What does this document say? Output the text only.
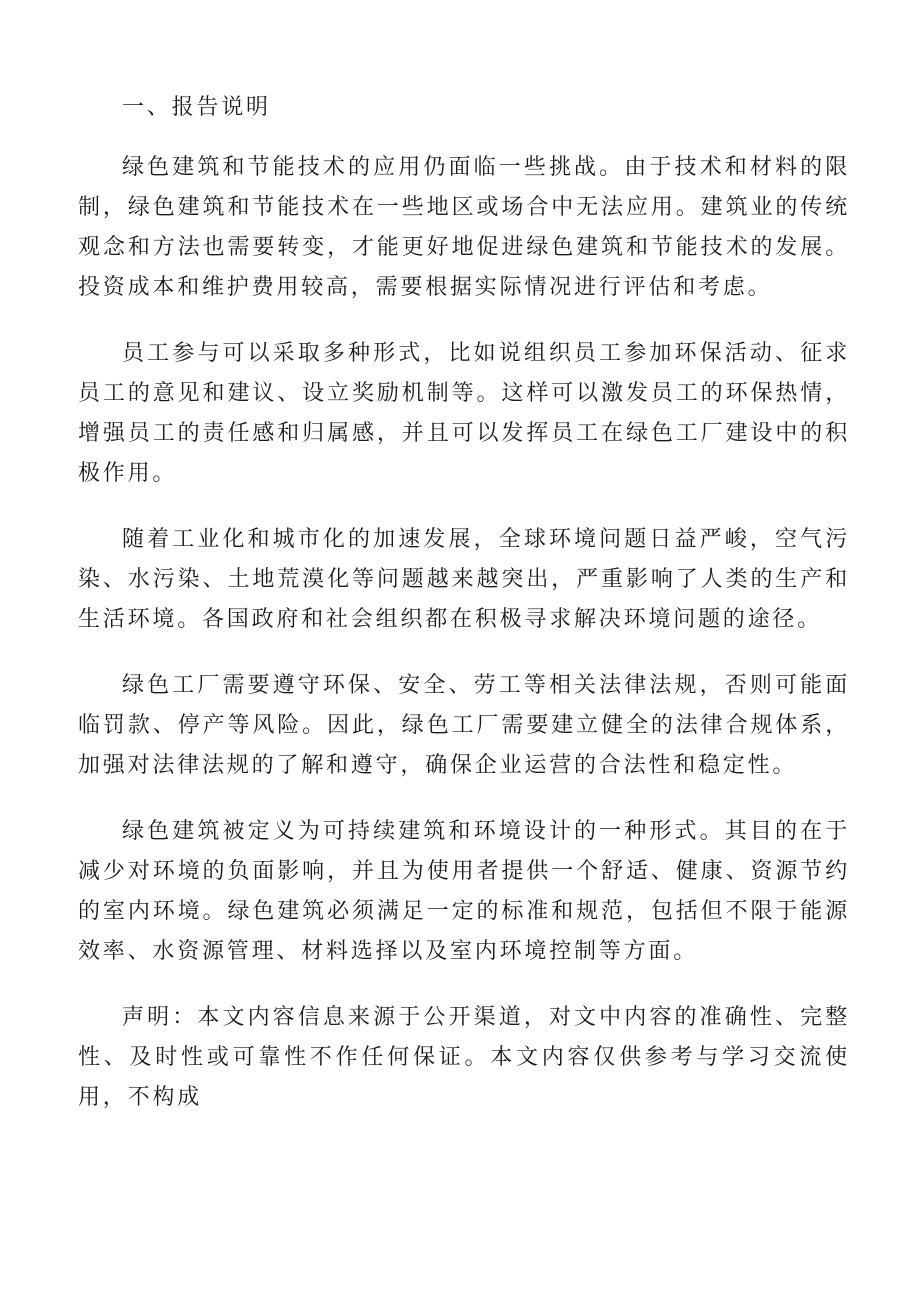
一、报告说明

绿色建筑和节能技术的应用仍面临一些挑战。由于技术和材料的限制，绿色建筑和节能技术在一些地区或场合中无法应用。建筑业的传统观念和方法也需要转变，才能更好地促进绿色建筑和节能技术的发展。投资成本和维护费用较高，需要根据实际情况进行评估和考虑。

员工参与可以采取多种形式，比如说组织员工参加环保活动、征求员工的意见和建议、设立奖励机制等。这样可以激发员工的环保热情，增强员工的责任感和归属感，并且可以发挥员工在绿色工厂建设中的积极作用。

随着工业化和城市化的加速发展，全球环境问题日益严峻，空气污染、水污染、土地荒漠化等问题越来越突出，严重影响了人类的生产和生活环境。各国政府和社会组织都在积极寻求解决环境问题的途径。

绿色工厂需要遵守环保、安全、劳工等相关法律法规，否则可能面临罚款、停产等风险。因此，绿色工厂需要建立健全的法律合规体系，加强对法律法规的了解和遵守，确保企业运营的合法性和稳定性。

绿色建筑被定义为可持续建筑和环境设计的一种形式。其目的在于减少对环境的负面影响，并且为使用者提供一个舒适、健康、资源节约的室内环境。绿色建筑必须满足一定的标准和规范，包括但不限于能源效率、水资源管理、材料选择以及室内环境控制等方面。

声明：本文内容信息来源于公开渠道，对文中内容的准确性、完整性、及时性或可靠性不作任何保证。本文内容仅供参考与学习交流使用，不构成
